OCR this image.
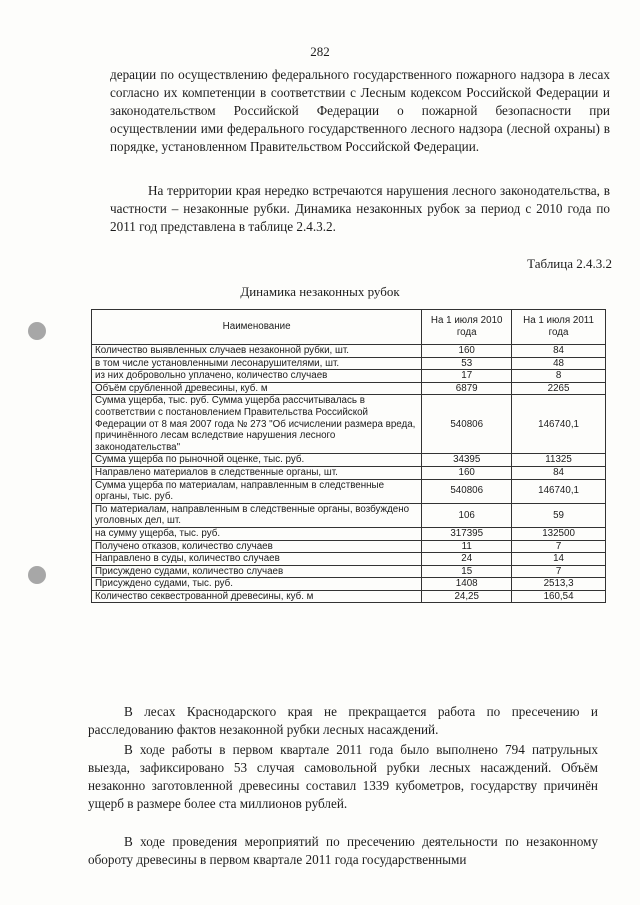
282

дерации по осуществлению федерального государственного пожарного надзора в лесах согласно их компетенции в соответствии с Лесным кодексом Российской Федерации и законодательством Российской Федерации о пожарной безопасности при осуществлении ими федерального государственного лесного надзора (лесной охраны) в порядке, установленном Правительством Российской Федерации.

На территории края нередко встречаются нарушения лесного законодательства, в частности – незаконные рубки. Динамика незаконных рубок за период с 2010 года по 2011 год представлена в таблице 2.4.3.2.

Таблица 2.4.3.2
Динамика незаконных рубок
Наименование	На 1 июля 2010 года	На 1 июля 2011 года
Количество выявленных случаев незаконной рубки, шт.	160	84
в том числе установленными лесонарушителями, шт.	53	48
из них добровольно уплачено, количество случаев	17	8
Объём срубленной древесины, куб. м	6879	2265
Сумма ущерба, тыс. руб. Сумма ущерба рассчитывалась в соответствии с постановлением Правительства Российской Федерации от 8 мая 2007 года № 273 "Об исчислении размера вреда, причинённого лесам вследствие нарушения лесного законодательства"	540806	146740,1
Сумма ущерба по рыночной оценке, тыс. руб.	34395	11325
Направлено материалов в следственные органы, шт.	160	84
Сумма ущерба по материалам, направленным в следственные органы, тыс. руб.	540806	146740,1
По материалам, направленным в следственные органы, возбуждено уголовных дел, шт.	106	59
на сумму ущерба, тыс. руб.	317395	132500
Получено отказов, количество случаев	11	7
Направлено в суды, количество случаев	24	14
Присуждено судами, количество случаев	15	7
Присуждено судами, тыс. руб.	1408	2513,3
Количество секвестрованной древесины, куб. м	24,25	160,54

В лесах Краснодарского края не прекращается работа по пресечению и расследованию фактов незаконной рубки лесных насаждений.

В ходе работы в первом квартале 2011 года было выполнено 794 патрульных выезда, зафиксировано 53 случая самовольной рубки лесных насаждений. Объём незаконно заготовленной древесины составил 1339 кубометров, государству причинён ущерб в размере более ста миллионов рублей.

В ходе проведения мероприятий по пресечению деятельности по незаконному обороту древесины в первом квартале 2011 года государственными
